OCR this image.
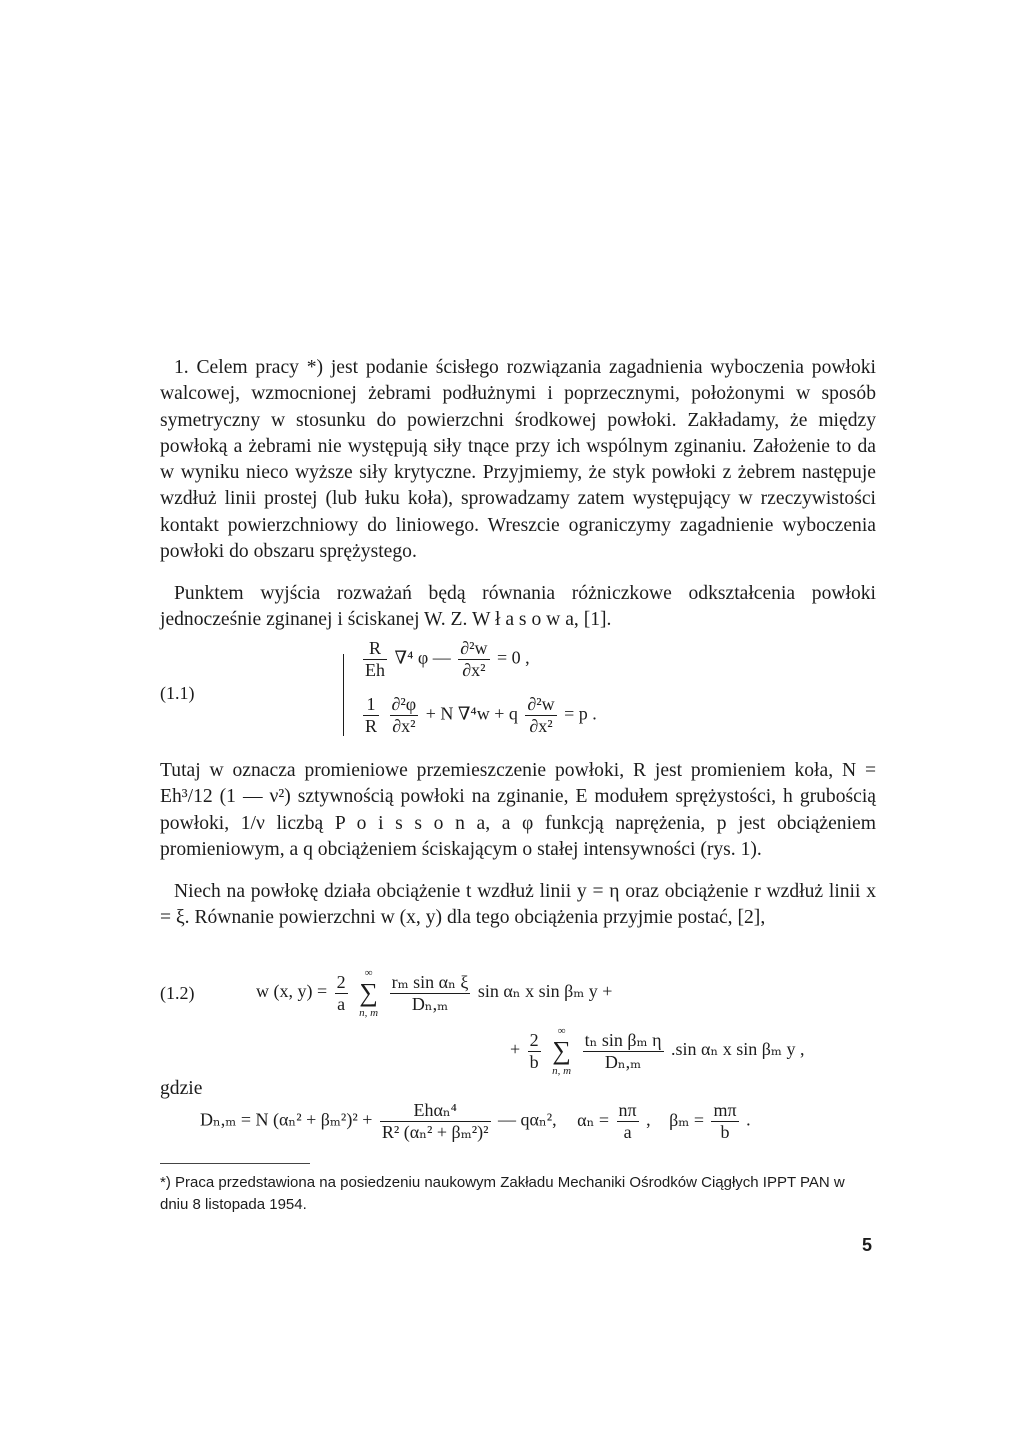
1. Celem pracy *) jest podanie ścisłego rozwiązania zagadnienia wyboczenia powłoki walcowej, wzmocnionej żebrami podłużnymi i poprzecznymi, położonymi w sposób symetryczny w stosunku do powierzchni środkowej powłoki. Zakładamy, że między powłoką a żebrami nie występują siły tnące przy ich wspólnym zginaniu. Założenie to da w wyniku nieco wyższe siły krytyczne. Przyjmiemy, że styk powłoki z żebrem następuje wzdłuż linii prostej (lub łuku koła), sprowadzamy zatem występujący w rzeczywistości kontakt powierzchniowy do liniowego. Wreszcie ograniczymy zagadnienie wyboczenia powłoki do obszaru sprężystego.

Punktem wyjścia rozważań będą równania różniczkowe odkształcenia powłoki jednocześnie zginanej i ściskanej W. Z. W ł a s o w a, [1].

(1.1)
$\frac{R}{Eh} \nabla^4$ φ — $\frac{\text{∂²w}}{\text{∂x²}} = 0$ ,
$\frac{1}{R}$
$\frac{\text{∂²φ}}{\text{∂x²}} + N$ ∇⁴w + q $\frac{\text{∂²w}}{\text{∂x²}} = p$ .

Tutaj w oznacza promieniowe przemieszczenie powłoki, R jest promieniem koła, N = Eh³/12 (1 — ν²) sztywnością powłoki na zginanie, E modułem sprężystości, h grubością powłoki, 1/ν liczbą P o i s s o n a, a φ funkcją naprężenia, p jest obciążeniem promieniowym, a q obciążeniem ściskającym o stałej intensywności (rys. 1).

Niech na powłokę działa obciążenie t wzdłuż linii y = η oraz obciążenie r wzdłuż linii x = ξ. Równanie powierzchni w (x, y) dla tego obciążenia przyjmie postać, [2],

(1.2)	w (x, $y) = \frac{2}{a}$
	∞
∑
n, m
$\frac{\text{rₘ sin αₙ ξ}}{\text{Dₙ,ₘ}}$ sin αₙ x sin βₘ y +
+ $\frac{2}{b}$
	∞
∑
n, m
$\frac{\text{tₙ sin βₘ η}}{\text{Dₙ,ₘ}} .\sin$ αₙ x sin βₘ y ,

gdzie

Dₙ,ₘ = N $(\alpha_n^2 + \beta_m^2)^2 + \frac{\text{Ehαₙ⁴}}{\text{R² (αₙ² + βₘ²)²}}$ — qαₙ², $\alpha_n = \frac{n\pi}{a}$ , $\beta_m = \frac{m\pi}{b}$ .

*) Praca przedstawiona na posiedzeniu naukowym Zakładu Mechaniki Ośrodków Ciągłych IPPT PAN w dniu 8 listopada 1954.

5
